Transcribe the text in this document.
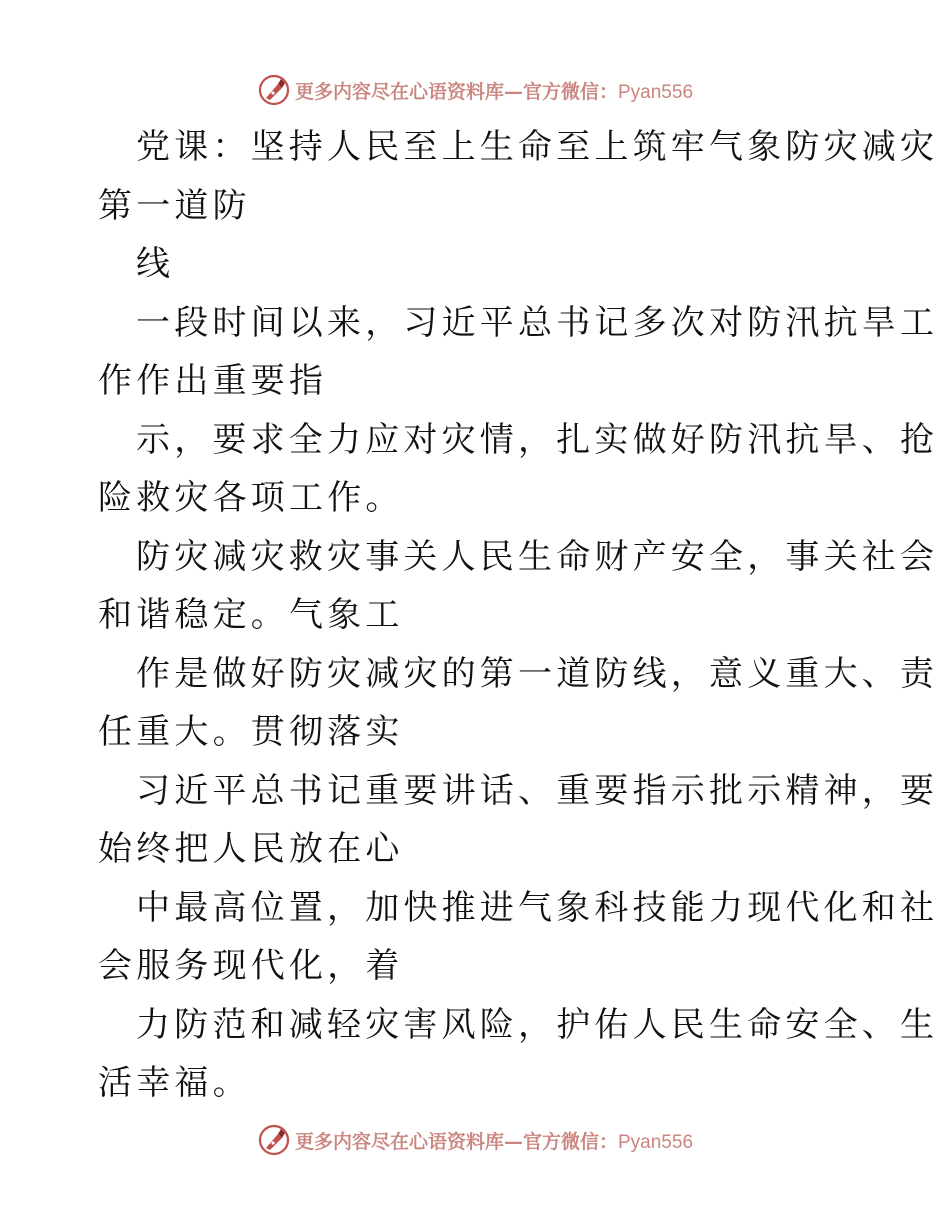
更多内容尽在心语资料库—官方微信：Pyan556
党课：坚持人民至上生命至上筑牢气象防灾减灾
第一道防
线
一段时间以来，习近平总书记多次对防汛抗旱工
作作出重要指
示，要求全力应对灾情，扎实做好防汛抗旱、抢
险救灾各项工作。
防灾减灾救灾事关人民生命财产安全，事关社会
和谐稳定。气象工
作是做好防灾减灾的第一道防线，意义重大、责
任重大。贯彻落实
习近平总书记重要讲话、重要指示批示精神，要
始终把人民放在心
中最高位置，加快推进气象科技能力现代化和社
会服务现代化，着
力防范和减轻灾害风险，护佑人民生命安全、生
活幸福。
更多内容尽在心语资料库—官方微信：Pyan556
